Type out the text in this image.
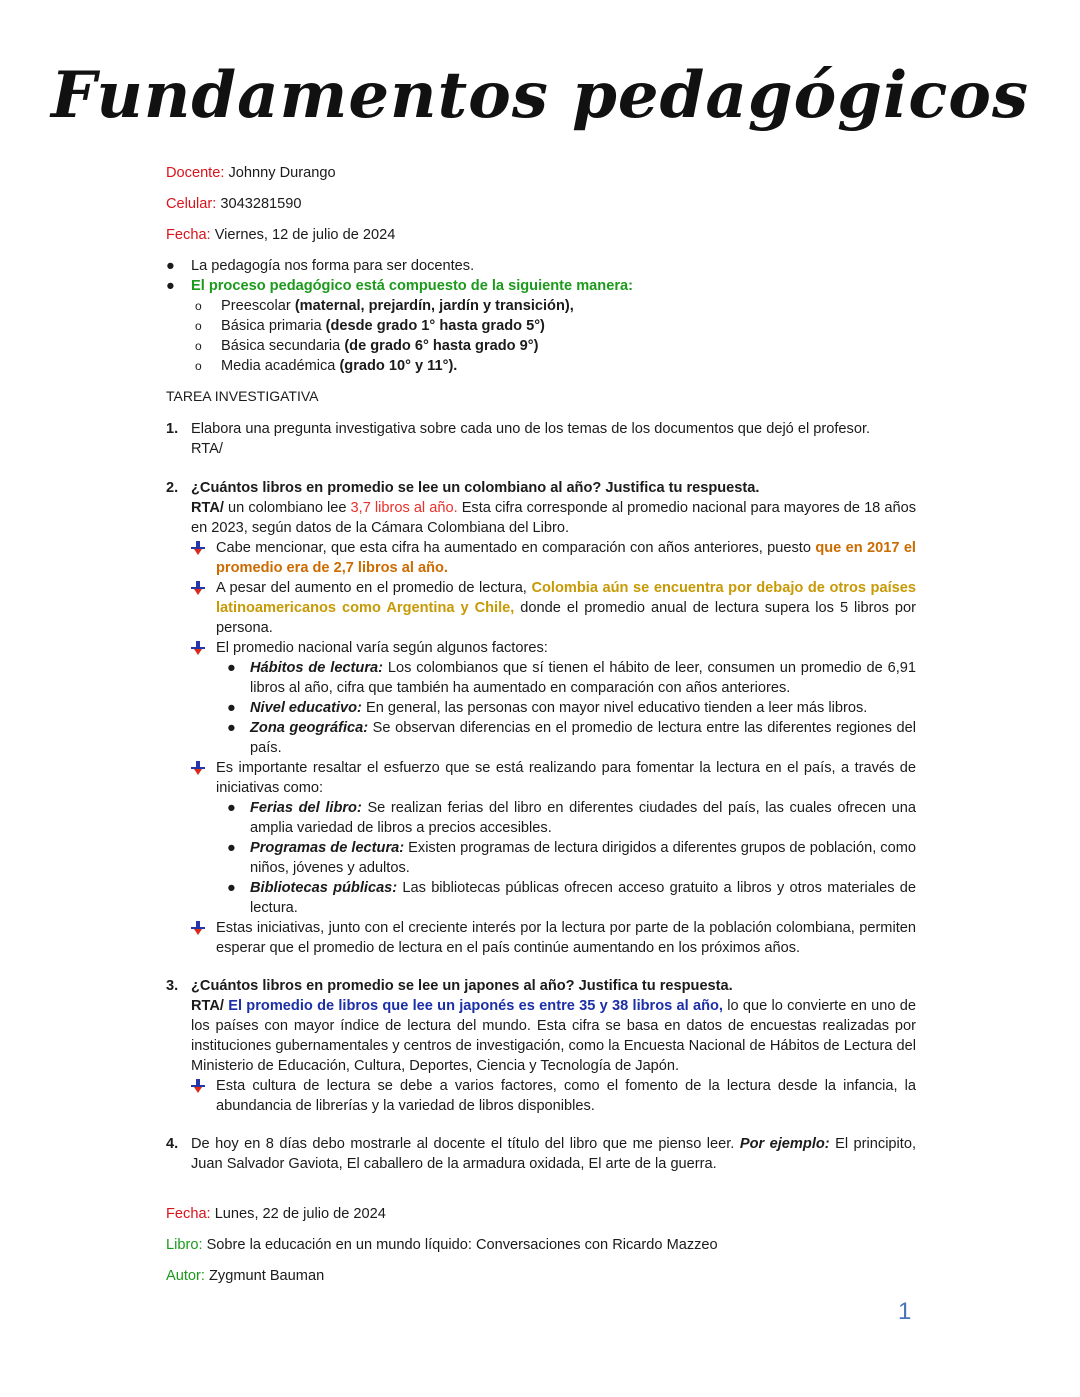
Fundamentos pedagógicos
Docente: Johnny Durango
Celular: 3043281590
Fecha: Viernes, 12 de julio de 2024
● La pedagogía nos forma para ser docentes.
● El proceso pedagógico está compuesto de la siguiente manera:
o Preescolar (maternal, prejardín, jardín y transición),
o Básica primaria (desde grado 1° hasta grado 5°)
o Básica secundaria (de grado 6° hasta grado 9°)
o Media académica (grado 10° y 11°).
TAREA INVESTIGATIVA
1. Elabora una pregunta investigativa sobre cada uno de los temas de los documentos que dejó el profesor.
RTA/
2. ¿Cuántos libros en promedio se lee un colombiano al año? Justifica tu respuesta.
RTA/ un colombiano lee 3,7 libros al año. Esta cifra corresponde al promedio nacional para mayores de 18 años en 2023, según datos de la Cámara Colombiana del Libro.
Cabe mencionar, que esta cifra ha aumentado en comparación con años anteriores, puesto que en 2017 el promedio era de 2,7 libros al año.
A pesar del aumento en el promedio de lectura, Colombia aún se encuentra por debajo de otros países latinoamericanos como Argentina y Chile, donde el promedio anual de lectura supera los 5 libros por persona.
El promedio nacional varía según algunos factores:
● Hábitos de lectura: Los colombianos que sí tienen el hábito de leer, consumen un promedio de 6,91 libros al año, cifra que también ha aumentado en comparación con años anteriores.
● Nivel educativo: En general, las personas con mayor nivel educativo tienden a leer más libros.
● Zona geográfica: Se observan diferencias en el promedio de lectura entre las diferentes regiones del país.
Es importante resaltar el esfuerzo que se está realizando para fomentar la lectura en el país, a través de iniciativas como:
● Ferias del libro: Se realizan ferias del libro en diferentes ciudades del país, las cuales ofrecen una amplia variedad de libros a precios accesibles.
● Programas de lectura: Existen programas de lectura dirigidos a diferentes grupos de población, como niños, jóvenes y adultos.
● Bibliotecas públicas: Las bibliotecas públicas ofrecen acceso gratuito a libros y otros materiales de lectura.
Estas iniciativas, junto con el creciente interés por la lectura por parte de la población colombiana, permiten esperar que el promedio de lectura en el país continúe aumentando en los próximos años.
3. ¿Cuántos libros en promedio se lee un japones al año? Justifica tu respuesta.
RTA/ El promedio de libros que lee un japonés es entre 35 y 38 libros al año, lo que lo convierte en uno de los países con mayor índice de lectura del mundo. Esta cifra se basa en datos de encuestas realizadas por instituciones gubernamentales y centros de investigación, como la Encuesta Nacional de Hábitos de Lectura del Ministerio de Educación, Cultura, Deportes, Ciencia y Tecnología de Japón.
Esta cultura de lectura se debe a varios factores, como el fomento de la lectura desde la infancia, la abundancia de librerías y la variedad de libros disponibles.
4. De hoy en 8 días debo mostrarle al docente el título del libro que me pienso leer. Por ejemplo: El principito, Juan Salvador Gaviota, El caballero de la armadura oxidada, El arte de la guerra.
Fecha: Lunes, 22 de julio de 2024
Libro: Sobre la educación en un mundo líquido: Conversaciones con Ricardo Mazzeo
Autor: Zygmunt Bauman
1
